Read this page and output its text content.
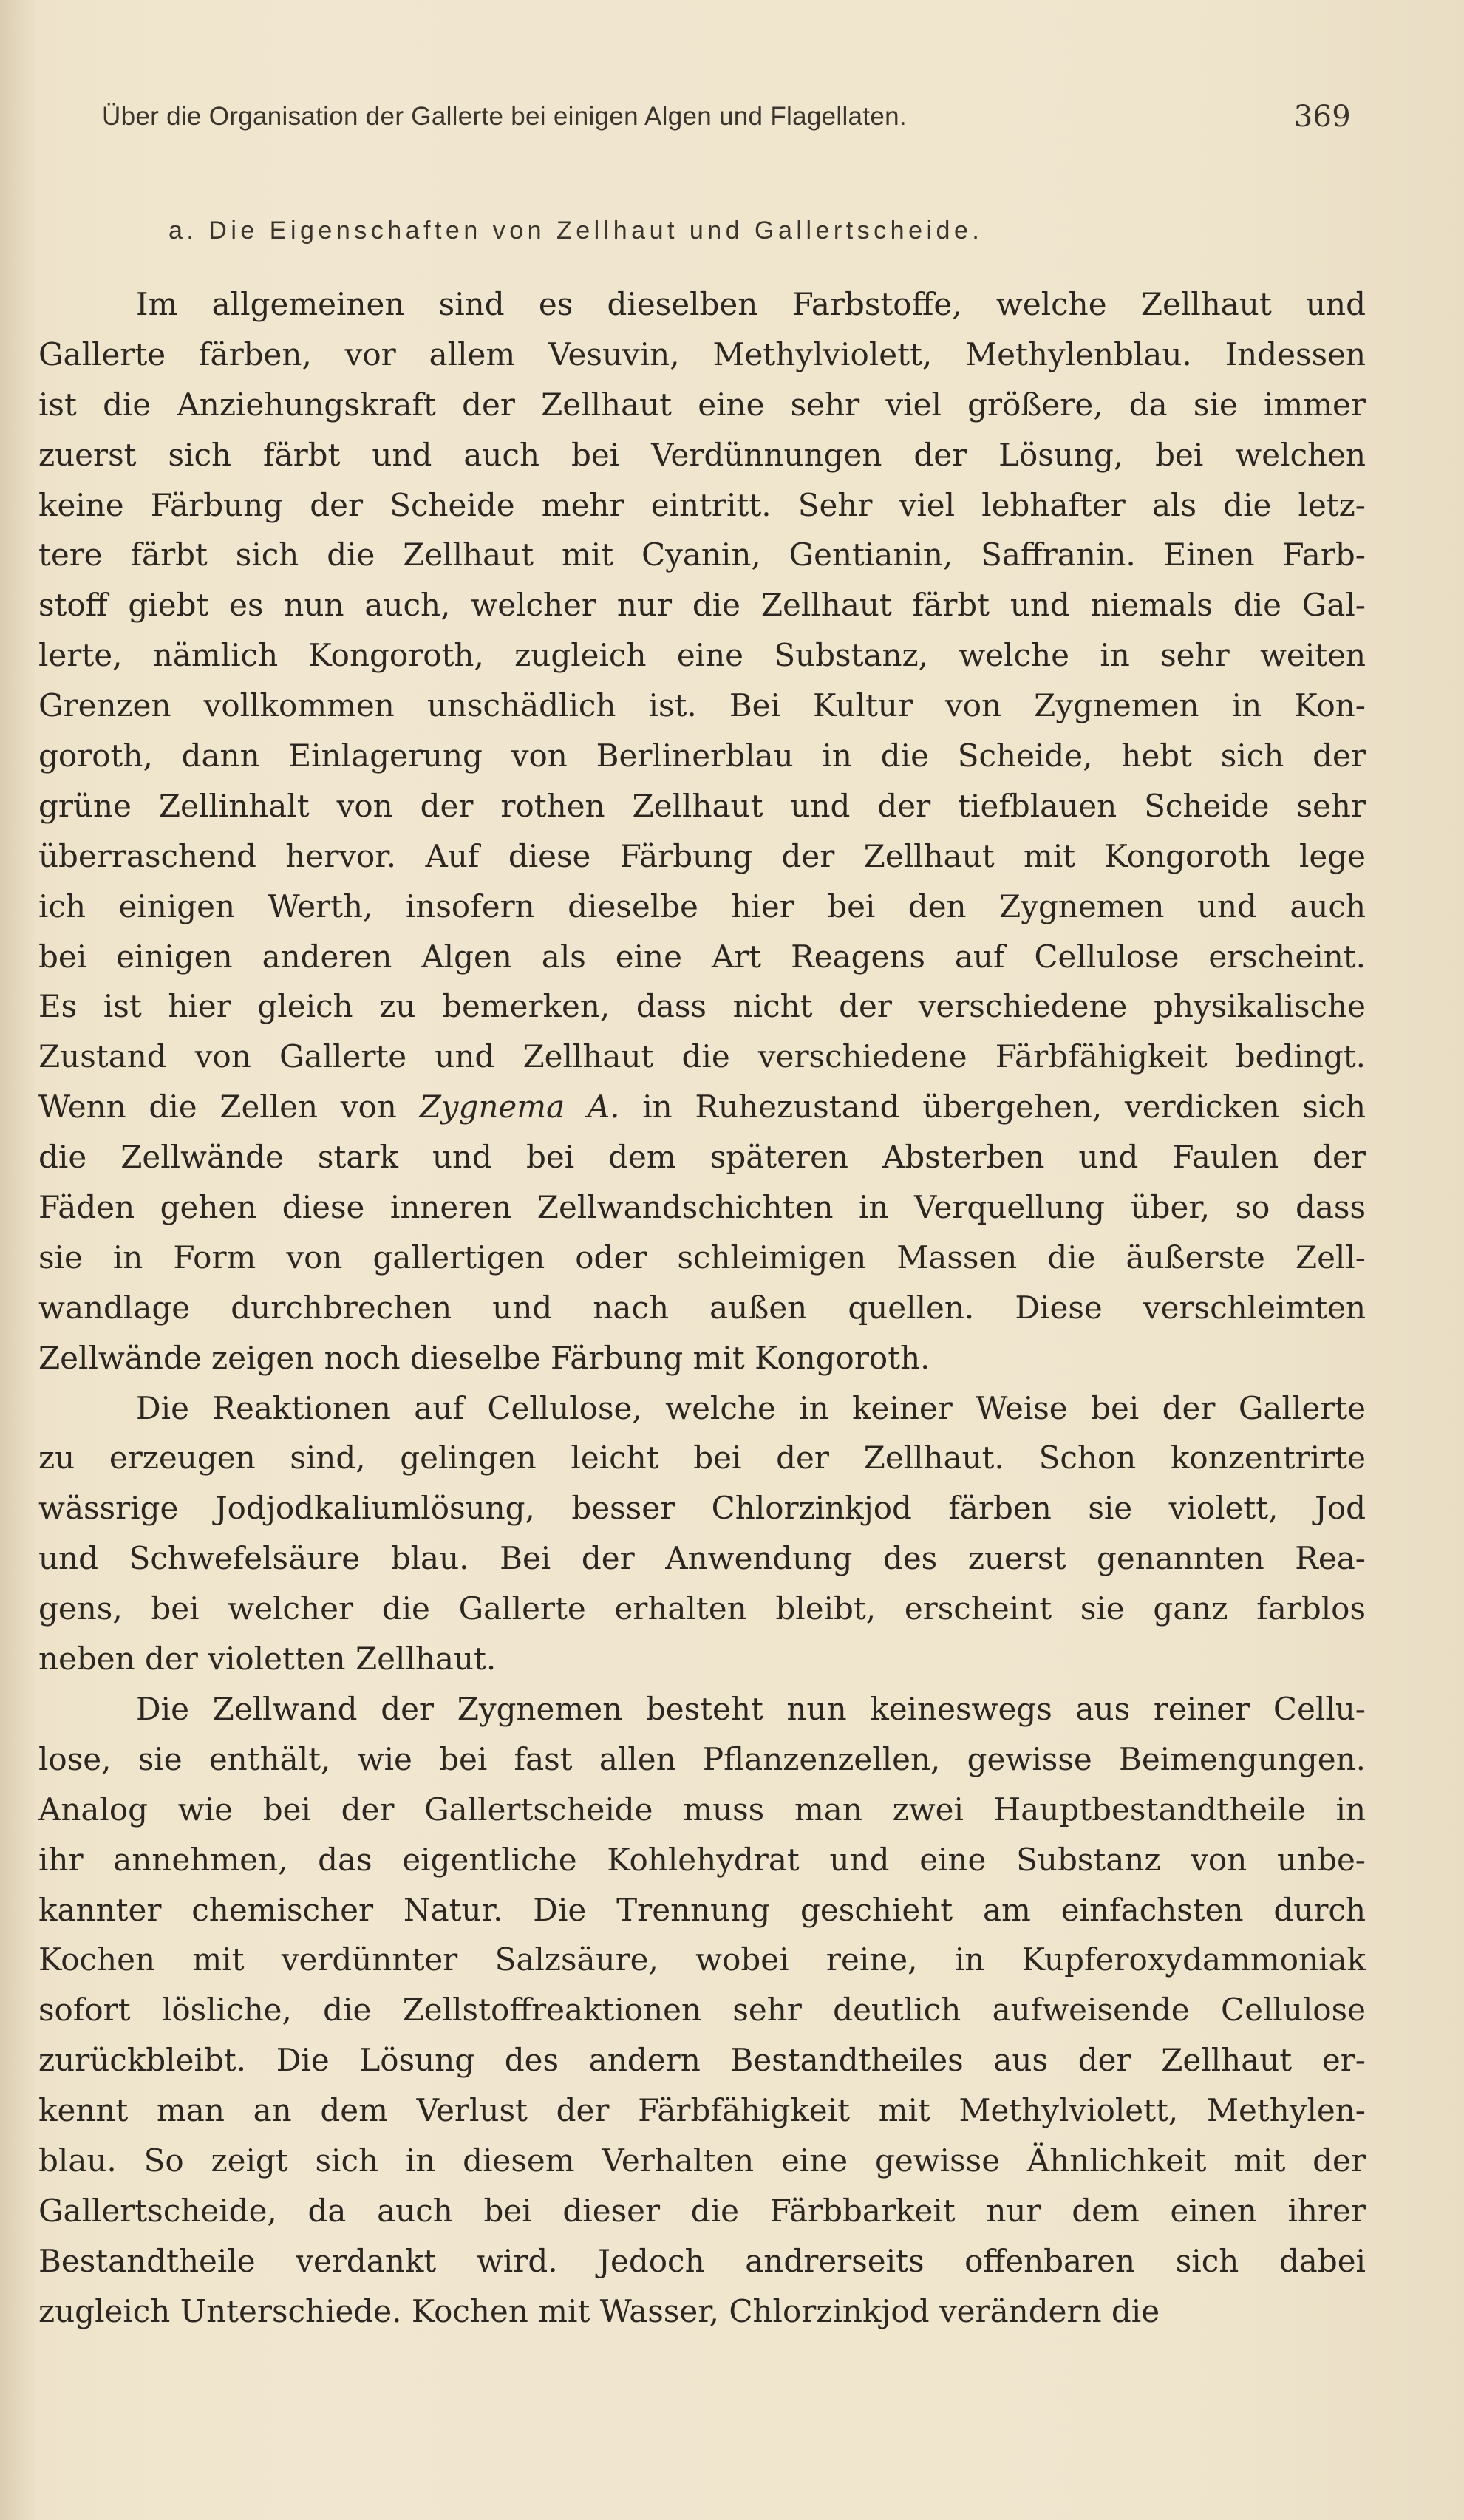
Über die Organisation der Gallerte bei einigen Algen und Flagellaten.	369
a. Die Eigenschaften von Zellhaut und Gallertscheide.
Im allgemeinen sind es dieselben Farbstoffe, welche Zellhaut und
Gallerte färben, vor allem Vesuvin, Methylviolett, Methylenblau. Indessen
ist die Anziehungskraft der Zellhaut eine sehr viel größere, da sie immer
zuerst sich färbt und auch bei Verdünnungen der Lösung, bei welchen
keine Färbung der Scheide mehr eintritt. Sehr viel lebhafter als die letz-
tere färbt sich die Zellhaut mit Cyanin, Gentianin, Saffranin. Einen Farb-
stoff giebt es nun auch, welcher nur die Zellhaut färbt und niemals die Gal-
lerte, nämlich Kongoroth, zugleich eine Substanz, welche in sehr weiten
Grenzen vollkommen unschädlich ist. Bei Kultur von Zygnemen in Kon-
goroth, dann Einlagerung von Berlinerblau in die Scheide, hebt sich der
grüne Zellinhalt von der rothen Zellhaut und der tiefblauen Scheide sehr
überraschend hervor. Auf diese Färbung der Zellhaut mit Kongoroth lege
ich einigen Werth, insofern dieselbe hier bei den Zygnemen und auch
bei einigen anderen Algen als eine Art Reagens auf Cellulose erscheint.
Es ist hier gleich zu bemerken, dass nicht der verschiedene physikalische
Zustand von Gallerte und Zellhaut die verschiedene Färbfähigkeit bedingt.
Wenn die Zellen von Zygnema A. in Ruhezustand übergehen, verdicken sich
die Zellwände stark und bei dem späteren Absterben und Faulen der
Fäden gehen diese inneren Zellwandschichten in Verquellung über, so dass
sie in Form von gallertigen oder schleimigen Massen die äußerste Zell-
wandlage durchbrechen und nach außen quellen. Diese verschleimten
Zellwände zeigen noch dieselbe Färbung mit Kongoroth.
Die Reaktionen auf Cellulose, welche in keiner Weise bei der Gallerte
zu erzeugen sind, gelingen leicht bei der Zellhaut. Schon konzentrirte
wässrige Jodjodkaliumlösung, besser Chlorzinkjod färben sie violett, Jod
und Schwefelsäure blau. Bei der Anwendung des zuerst genannten Rea-
gens, bei welcher die Gallerte erhalten bleibt, erscheint sie ganz farblos
neben der violetten Zellhaut.
Die Zellwand der Zygnemen besteht nun keineswegs aus reiner Cellu-
lose, sie enthält, wie bei fast allen Pflanzenzellen, gewisse Beimengungen.
Analog wie bei der Gallertscheide muss man zwei Hauptbestandtheile in
ihr annehmen, das eigentliche Kohlehydrat und eine Substanz von unbe-
kannter chemischer Natur. Die Trennung geschieht am einfachsten durch
Kochen mit verdünnter Salzsäure, wobei reine, in Kupferoxydammoniak
sofort lösliche, die Zellstoffreaktionen sehr deutlich aufweisende Cellulose
zurückbleibt. Die Lösung des andern Bestandtheiles aus der Zellhaut er-
kennt man an dem Verlust der Färbfähigkeit mit Methylviolett, Methylen-
blau. So zeigt sich in diesem Verhalten eine gewisse Ähnlichkeit mit der
Gallertscheide, da auch bei dieser die Färbbarkeit nur dem einen ihrer
Bestandtheile verdankt wird. Jedoch andrerseits offenbaren sich dabei
zugleich Unterschiede. Kochen mit Wasser, Chlorzinkjod verändern die
